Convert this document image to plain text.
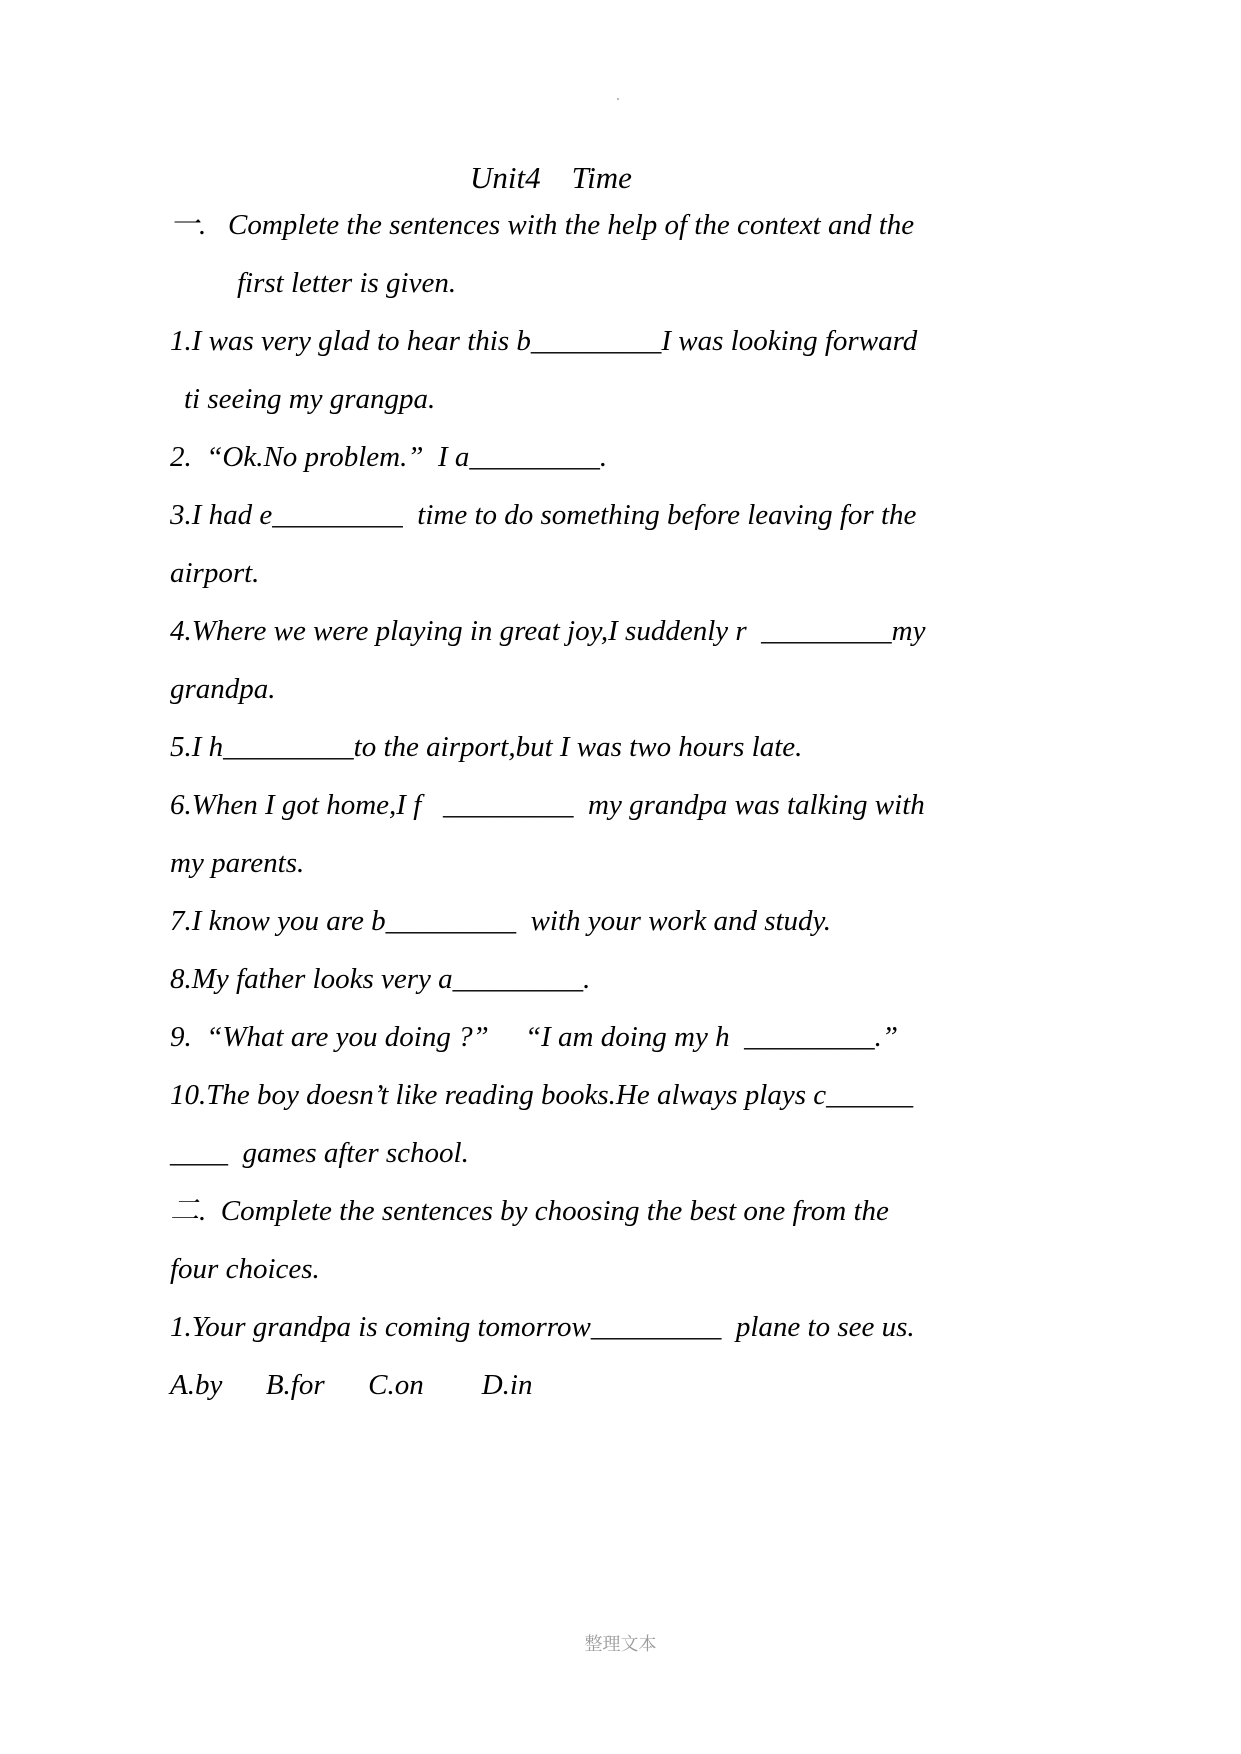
Unit4    Time
一.   Complete the sentences with the help of the context and the
first letter is given.
1.I was very glad to hear this b_________I was looking forward
ti seeing my grangpa.
2.  “Ok.No problem.”  I a_________.
3.I had e_________  time to do something before leaving for the
airport.
4.Where we were playing in great joy,I suddenly r  _________my
grandpa.
5.I h_________to the airport,but I was two hours late.
6.When I got home,I f   _________  my grandpa was talking with
my parents.
7.I know you are b_________  with your work and study.
8.My father looks very a_________.
9.  “What are you doing ?”     “I am doing my h  _________.”
10.The boy doesn’t like reading books.He always plays c______
____  games after school.
二.  Complete the sentences by choosing the best one from the
four choices.
1.Your grandpa is coming tomorrow_________  plane to see us.
A.by      B.for      C.on        D.in
整理文本
